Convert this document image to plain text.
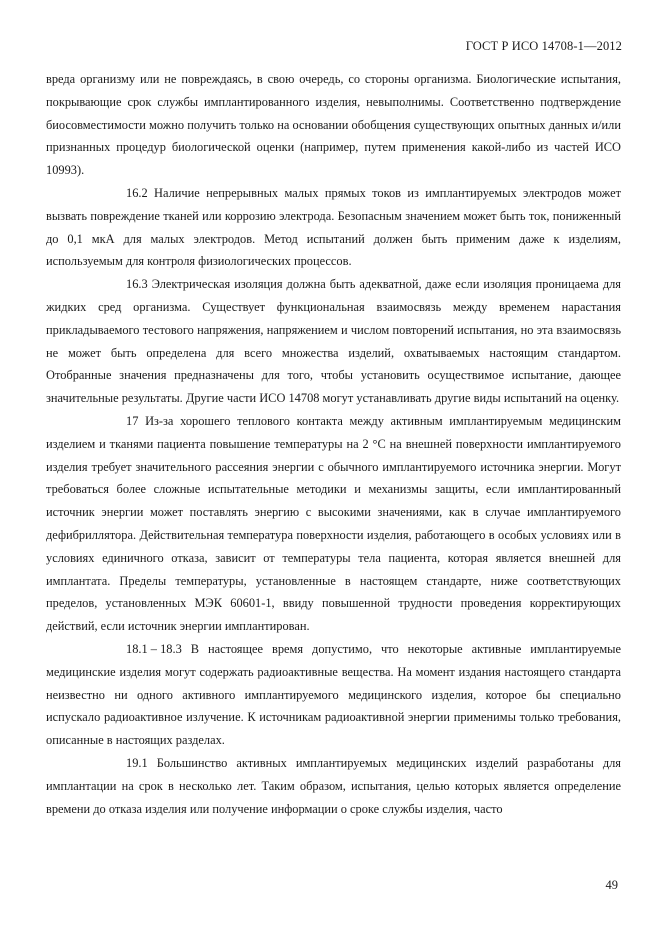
ГОСТ Р ИСО 14708-1—2012

вреда организму или не повреждаясь, в свою очередь, со стороны организма. Биологические испытания, покрывающие срок службы имплантированного изделия, невыполнимы. Соответственно подтверждение биосовместимости можно получить только на основании обобщения существующих опытных данных и/или признанных процедур биологической оценки (например, путем применения какой-либо из частей ИСО 10993).

16.2 Наличие непрерывных малых прямых токов из имплантируемых электродов может вызвать повреждение тканей или коррозию электрода. Безопасным значением может быть ток, пониженный до 0,1 мкА для малых электродов. Метод испытаний должен быть применим даже к изделиям, используемым для контроля физиологических процессов.

16.3 Электрическая изоляция должна быть адекватной, даже если изоляция проницаема для жидких сред организма. Существует функциональная взаимосвязь между временем нарастания прикладываемого тестового напряжения, напряжением и числом повторений испытания, но эта взаимосвязь не может быть определена для всего множества изделий, охватываемых настоящим стандартом. Отобранные значения предназначены для того, чтобы установить осуществимое испытание, дающее значительные результаты. Другие части ИСО 14708 могут устанавливать другие виды испытаний на оценку.

17 Из-за хорошего теплового контакта между активным имплантируемым медицинским изделием и тканями пациента повышение температуры на 2 °С на внешней поверхности имплантируемого изделия требует значительного рассеяния энергии с обычного имплантируемого источника энергии. Могут требоваться более сложные испытательные методики и механизмы защиты, если имплантированный источник энергии может поставлять энергию с высокими значениями, как в случае имплантируемого дефибриллятора. Действительная температура поверхности изделия, работающего в особых условиях или в условиях единичного отказа, зависит от температуры тела пациента, которая является внешней для имплантата. Пределы температуры, установленные в настоящем стандарте, ниже соответствующих пределов, установленных МЭК 60601-1, ввиду повышенной трудности проведения корректирующих действий, если источник энергии имплантирован.

18.1 – 18.3 В настоящее время допустимо, что некоторые активные имплантируемые медицинские изделия могут содержать радиоактивные вещества. На момент издания настоящего стандарта неизвестно ни одного активного имплантируемого медицинского изделия, которое бы специально испускало радиоактивное излучение. К источникам радиоактивной энергии применимы только требования, описанные в настоящих разделах.

19.1 Большинство активных имплантируемых медицинских изделий разработаны для имплантации на срок в несколько лет. Таким образом, испытания, целью которых является определение времени до отказа изделия или получение информации о сроке службы изделия, часто

49
